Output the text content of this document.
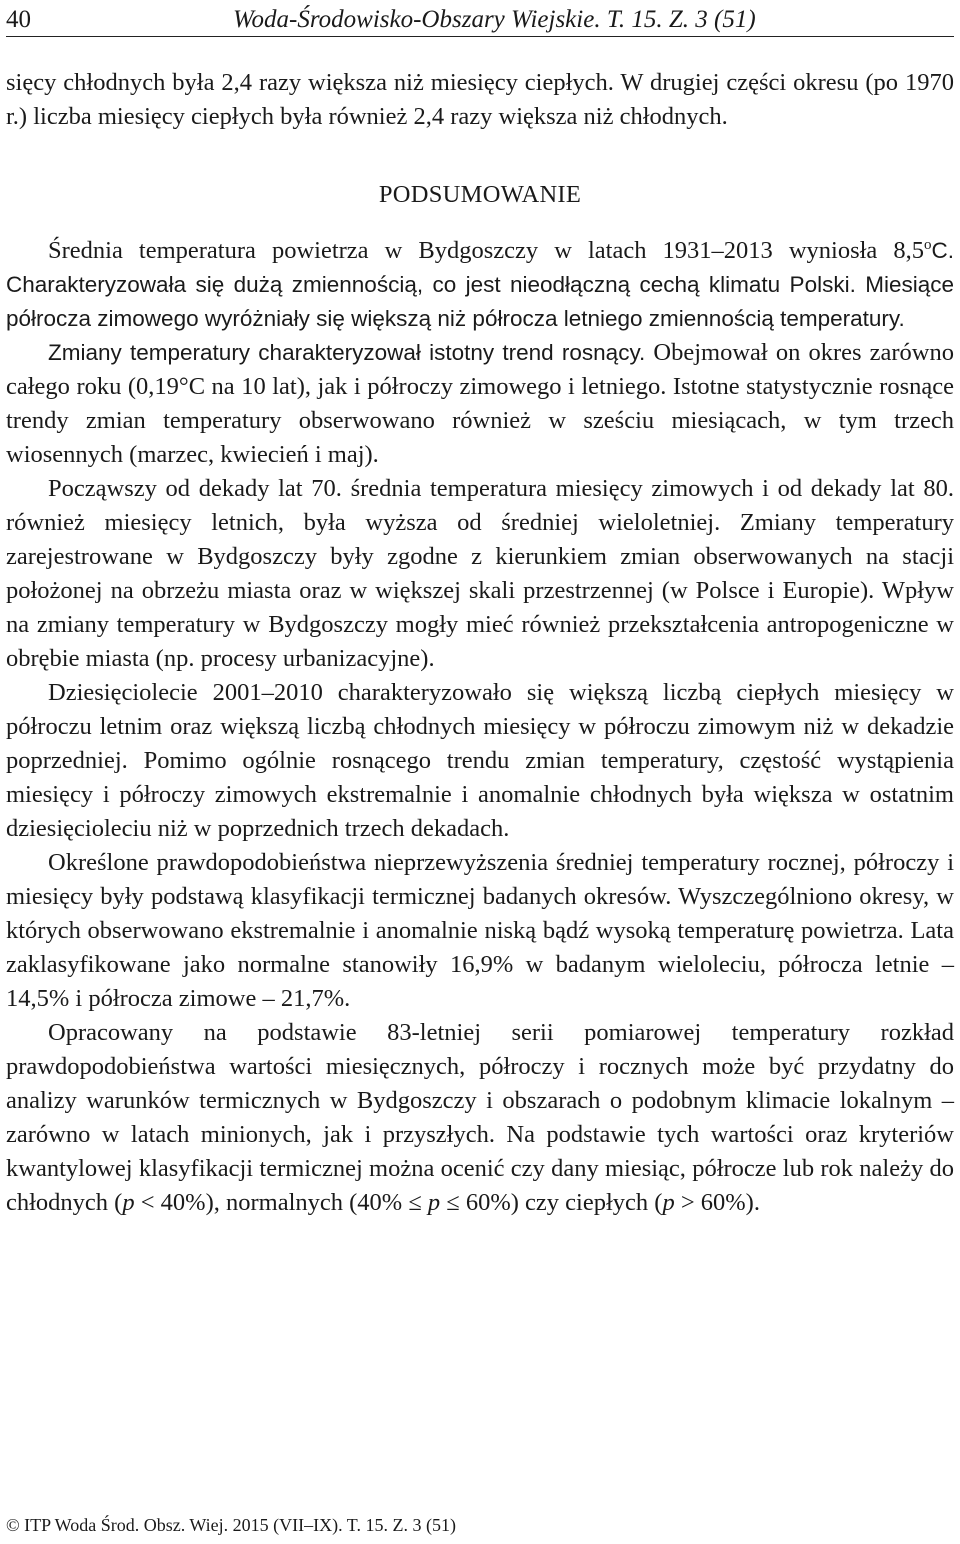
40	Woda-Środowisko-Obszary Wiejskie. T. 15. Z. 3 (51)

sięcy chłodnych była 2,4 razy większa niż miesięcy ciepłych. W drugiej części okresu (po 1970 r.) liczba miesięcy ciepłych była również 2,4 razy większa niż chłodnych.

PODSUMOWANIE

Średnia temperatura powietrza w Bydgoszczy w latach 1931–2013 wyniosła 8,5$^o$C. Charakteryzowała się dużą zmiennością, co jest nieodłączną cechą klimatu Polski. Miesiące półrocza zimowego wyróżniały się większą niż półrocza letniego zmiennością temperatury.

Zmiany temperatury charakteryzował istotny trend rosnący. Obejmował on okres zarówno całego roku (0,19°C na 10 lat), jak i półroczy zimowego i letniego. Istotne statystycznie rosnące trendy zmian temperatury obserwowano również w sześciu miesiącach, w tym trzech wiosennych (marzec, kwiecień i maj).

Począwszy od dekady lat 70. średnia temperatura miesięcy zimowych i od dekady lat 80. również miesięcy letnich, była wyższa od średniej wieloletniej. Zmiany temperatury zarejestrowane w Bydgoszczy były zgodne z kierunkiem zmian obserwowanych na stacji położonej na obrzeżu miasta oraz w większej skali przestrzennej (w Polsce i Europie). Wpływ na zmiany temperatury w Bydgoszczy mogły mieć również przekształcenia antropogeniczne w obrębie miasta (np. procesy urbanizacyjne).

Dziesięciolecie 2001–2010 charakteryzowało się większą liczbą ciepłych miesięcy w półroczu letnim oraz większą liczbą chłodnych miesięcy w półroczu zimowym niż w dekadzie poprzedniej. Pomimo ogólnie rosnącego trendu zmian temperatury, częstość wystąpienia miesięcy i półroczy zimowych ekstremalnie i anomalnie chłodnych była większa w ostatnim dziesięcioleciu niż w poprzednich trzech dekadach.

Określone prawdopodobieństwa nieprzewyższenia średniej temperatury rocznej, półroczy i miesięcy były podstawą klasyfikacji termicznej badanych okresów. Wyszczególniono okresy, w których obserwowano ekstremalnie i anomalnie niską bądź wysoką temperaturę powietrza. Lata zaklasyfikowane jako normalne stanowiły 16,9% w badanym wieloleciu, półrocza letnie – 14,5% i półrocza zimowe – 21,7%.

Opracowany na podstawie 83-letniej serii pomiarowej temperatury rozkład prawdopodobieństwa wartości miesięcznych, półroczy i rocznych może być przydatny do analizy warunków termicznych w Bydgoszczy i obszarach o podobnym klimacie lokalnym – zarówno w latach minionych, jak i przyszłych. Na podstawie tych wartości oraz kryteriów kwantylowej klasyfikacji termicznej można ocenić czy dany miesiąc, półrocze lub rok należy do chłodnych (p < 40%), normalnych (40% ≤ p ≤ 60%) czy ciepłych (p > 60%).

© ITP Woda Środ. Obsz. Wiej. 2015 (VII–IX). T. 15. Z. 3 (51)
